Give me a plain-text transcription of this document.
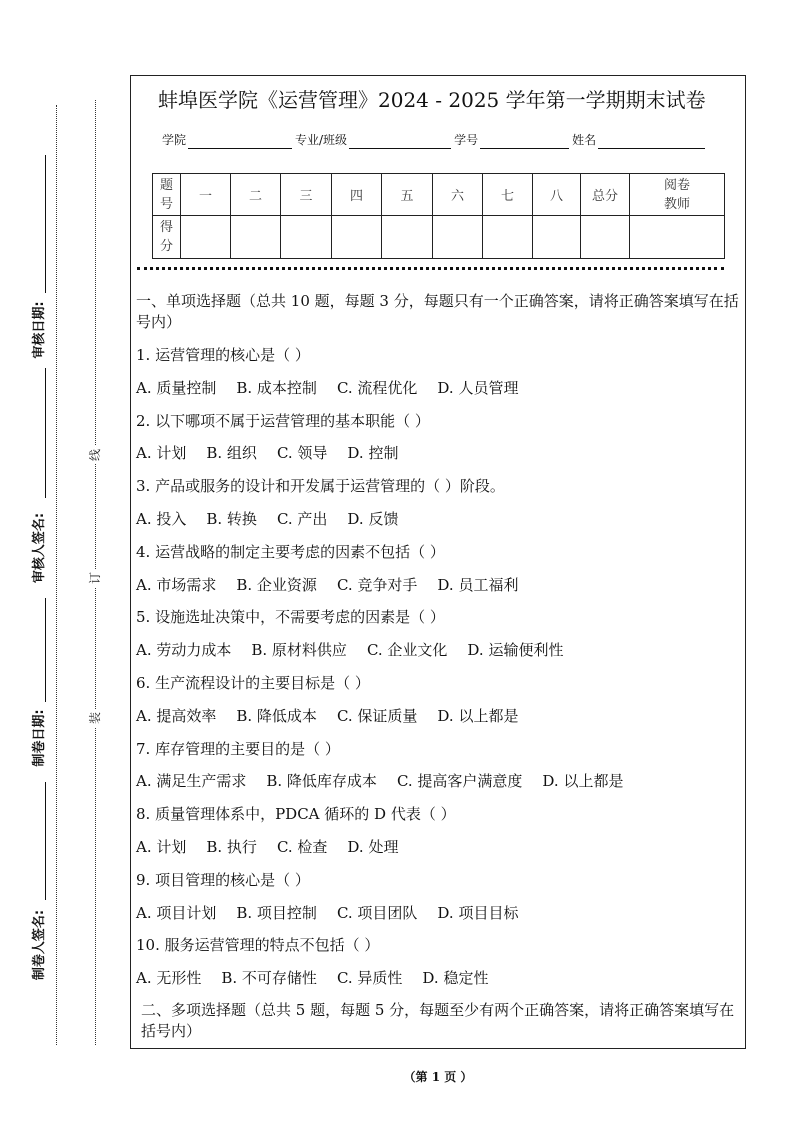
审核日期:
审核人签名:
制卷日期:
制卷人签名:
线
订
装
蚌埠医学院《运营管理》2024 - 2025 学年第一学期期末试卷
学院	专业/班级	学号	姓名
题号	一	二	三	四	五	六	七	八	总分	阅卷教师
得分										
一、单项选择题（总共 10 题，每题 3 分，每题只有一个正确答案，请将正确答案填写在括号内）
1. 运营管理的核心是（ ）
A. 质量控制 B. 成本控制 C. 流程优化 D. 人员管理
2. 以下哪项不属于运营管理的基本职能（ ）
A. 计划 B. 组织 C. 领导 D. 控制
3. 产品或服务的设计和开发属于运营管理的（ ）阶段。
A. 投入 B. 转换 C. 产出 D. 反馈
4. 运营战略的制定主要考虑的因素不包括（ ）
A. 市场需求 B. 企业资源 C. 竞争对手 D. 员工福利
5. 设施选址决策中，不需要考虑的因素是（ ）
A. 劳动力成本 B. 原材料供应 C. 企业文化 D. 运输便利性
6. 生产流程设计的主要目标是（ ）
A. 提高效率 B. 降低成本 C. 保证质量 D. 以上都是
7. 库存管理的主要目的是（ ）
A. 满足生产需求 B. 降低库存成本 C. 提高客户满意度 D. 以上都是
8. 质量管理体系中，PDCA 循环的 D 代表（ ）
A. 计划 B. 执行 C. 检查 D. 处理
9. 项目管理的核心是（ ）
A. 项目计划 B. 项目控制 C. 项目团队 D. 项目目标
10. 服务运营管理的特点不包括（ ）
A. 无形性 B. 不可存储性 C. 异质性 D. 稳定性
二、多项选择题（总共 5 题，每题 5 分，每题至少有两个正确答案，请将正确答案填写在括号内）
（第 1 页 ）
